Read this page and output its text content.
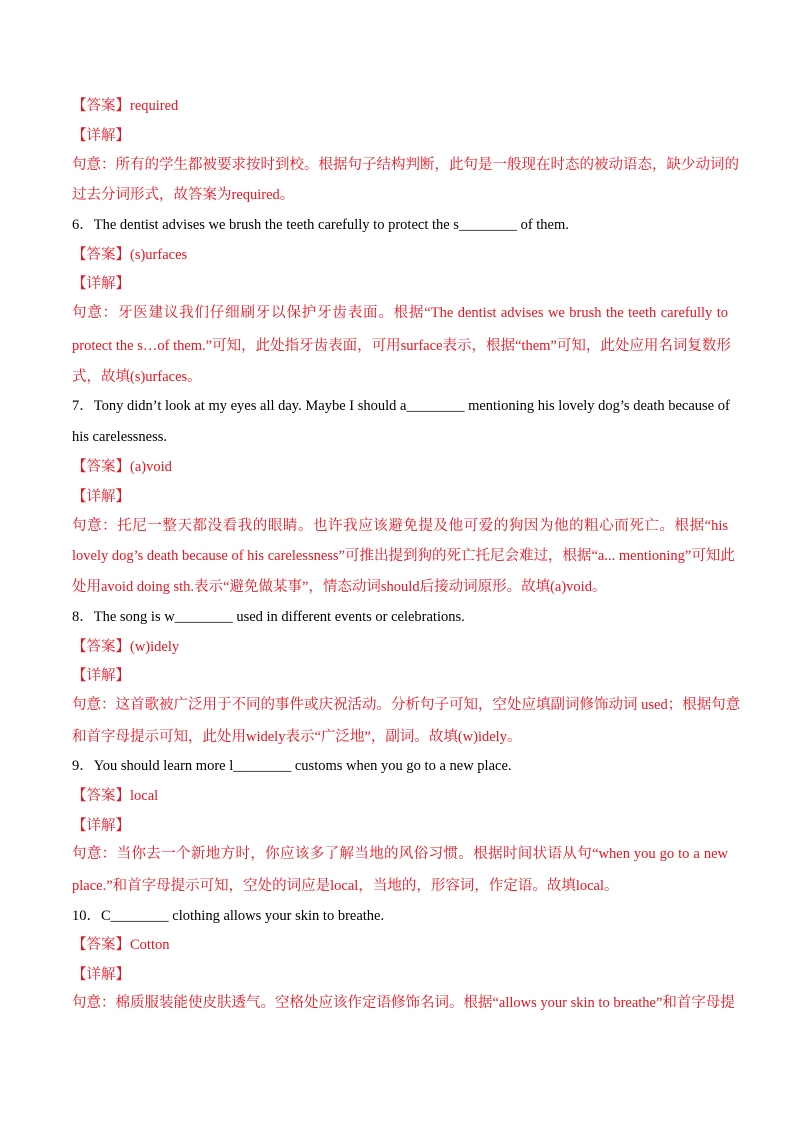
【答案】required
【详解】
句意：所有的学生都被要求按时到校。根据句子结构判断，此句是一般现在时态的被动语态，缺少动词的
过去分词形式，故答案为required。
6．The dentist advises we brush the teeth carefully to protect the s________ of them.
【答案】(s)urfaces
【详解】
句意：牙医建议我们仔细刷牙以保护牙齿表面。根据“The dentist advises we brush the teeth carefully to
protect the s…of them.”可知，此处指牙齿表面，可用surface表示，根据“them”可知，此处应用名词复数形
式，故填(s)urfaces。
7．Tony didn’t look at my eyes all day. Maybe I should a________ mentioning his lovely dog’s death because of
his carelessness.
【答案】(a)void
【详解】
句意：托尼一整天都没看我的眼睛。也许我应该避免提及他可爱的狗因为他的粗心而死亡。根据“his
lovely dog’s death because of his carelessness”可推出提到狗的死亡托尼会难过，根据“a... mentioning”可知此
处用avoid doing sth.表示“避免做某事”，情态动词should后接动词原形。故填(a)void。
8．The song is w________ used in different events or celebrations.
【答案】(w)idely
【详解】
句意：这首歌被广泛用于不同的事件或庆祝活动。分析句子可知，空处应填副词修饰动词 used；根据句意
和首字母提示可知，此处用widely表示“广泛地”，副词。故填(w)idely。
9．You should learn more l________ customs when you go to a new place.
【答案】local
【详解】
句意：当你去一个新地方时，你应该多了解当地的风俗习惯。根据时间状语从句“when you go to a new
place.”和首字母提示可知，空处的词应是local，当地的，形容词，作定语。故填local。
10．C________ clothing allows your skin to breathe.
【答案】Cotton
【详解】
句意：棉质服装能使皮肤透气。空格处应该作定语修饰名词。根据“allows your skin to breathe”和首字母提
